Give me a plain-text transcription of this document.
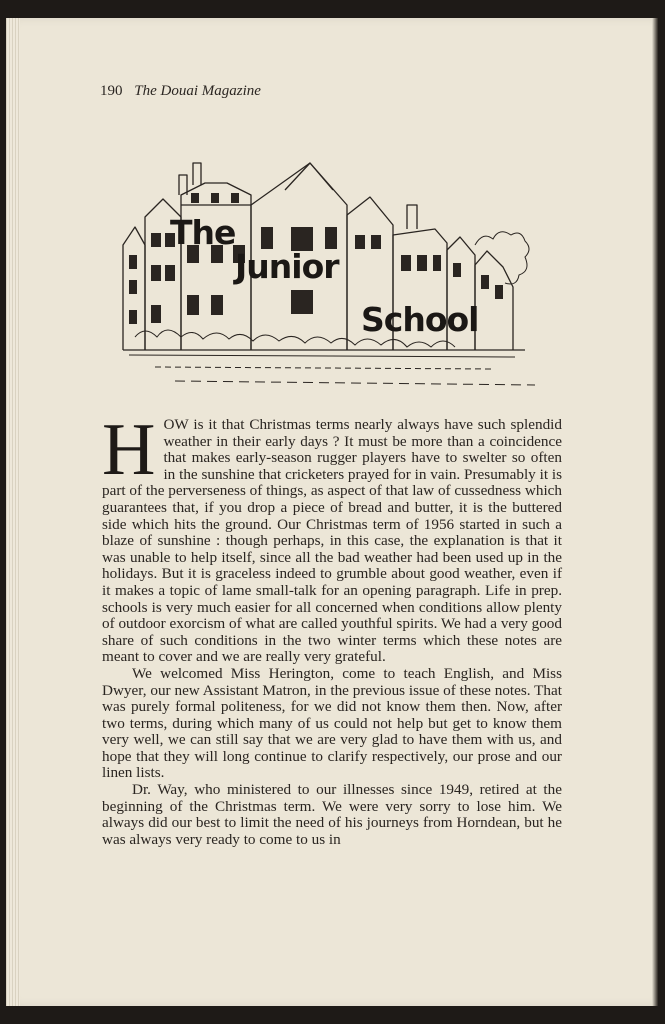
190 The Douai Magazine
The
Junior
School

HOW is it that Christmas terms nearly always have such splendid weather in their early days ? It must be more than a coincidence that makes early-season rugger players have to swelter so often in the sunshine that cricketers prayed for in vain. Presumably it is part of the perverseness of things, as aspect of that law of cussedness which guarantees that, if you drop a piece of bread and butter, it is the buttered side which hits the ground. Our Christmas term of 1956 started in such a blaze of sunshine : though perhaps, in this case, the explanation is that it was unable to help itself, since all the bad weather had been used up in the holidays. But it is graceless indeed to grumble about good weather, even if it makes a topic of lame small-talk for an opening paragraph. Life in prep. schools is very much easier for all concerned when conditions allow plenty of outdoor exorcism of what are called youthful spirits. We had a very good share of such conditions in the two winter terms which these notes are meant to cover and we are really very grateful.

We welcomed Miss Herington, come to teach English, and Miss Dwyer, our new Assistant Matron, in the previous issue of these notes. That was purely formal politeness, for we did not know them then. Now, after two terms, during which many of us could not help but get to know them very well, we can still say that we are very glad to have them with us, and hope that they will long continue to clarify respectively, our prose and our linen lists.

Dr. Way, who ministered to our illnesses since 1949, retired at the beginning of the Christmas term. We were very sorry to lose him. We always did our best to limit the need of his journeys from Horndean, but he was always very ready to come to us in
